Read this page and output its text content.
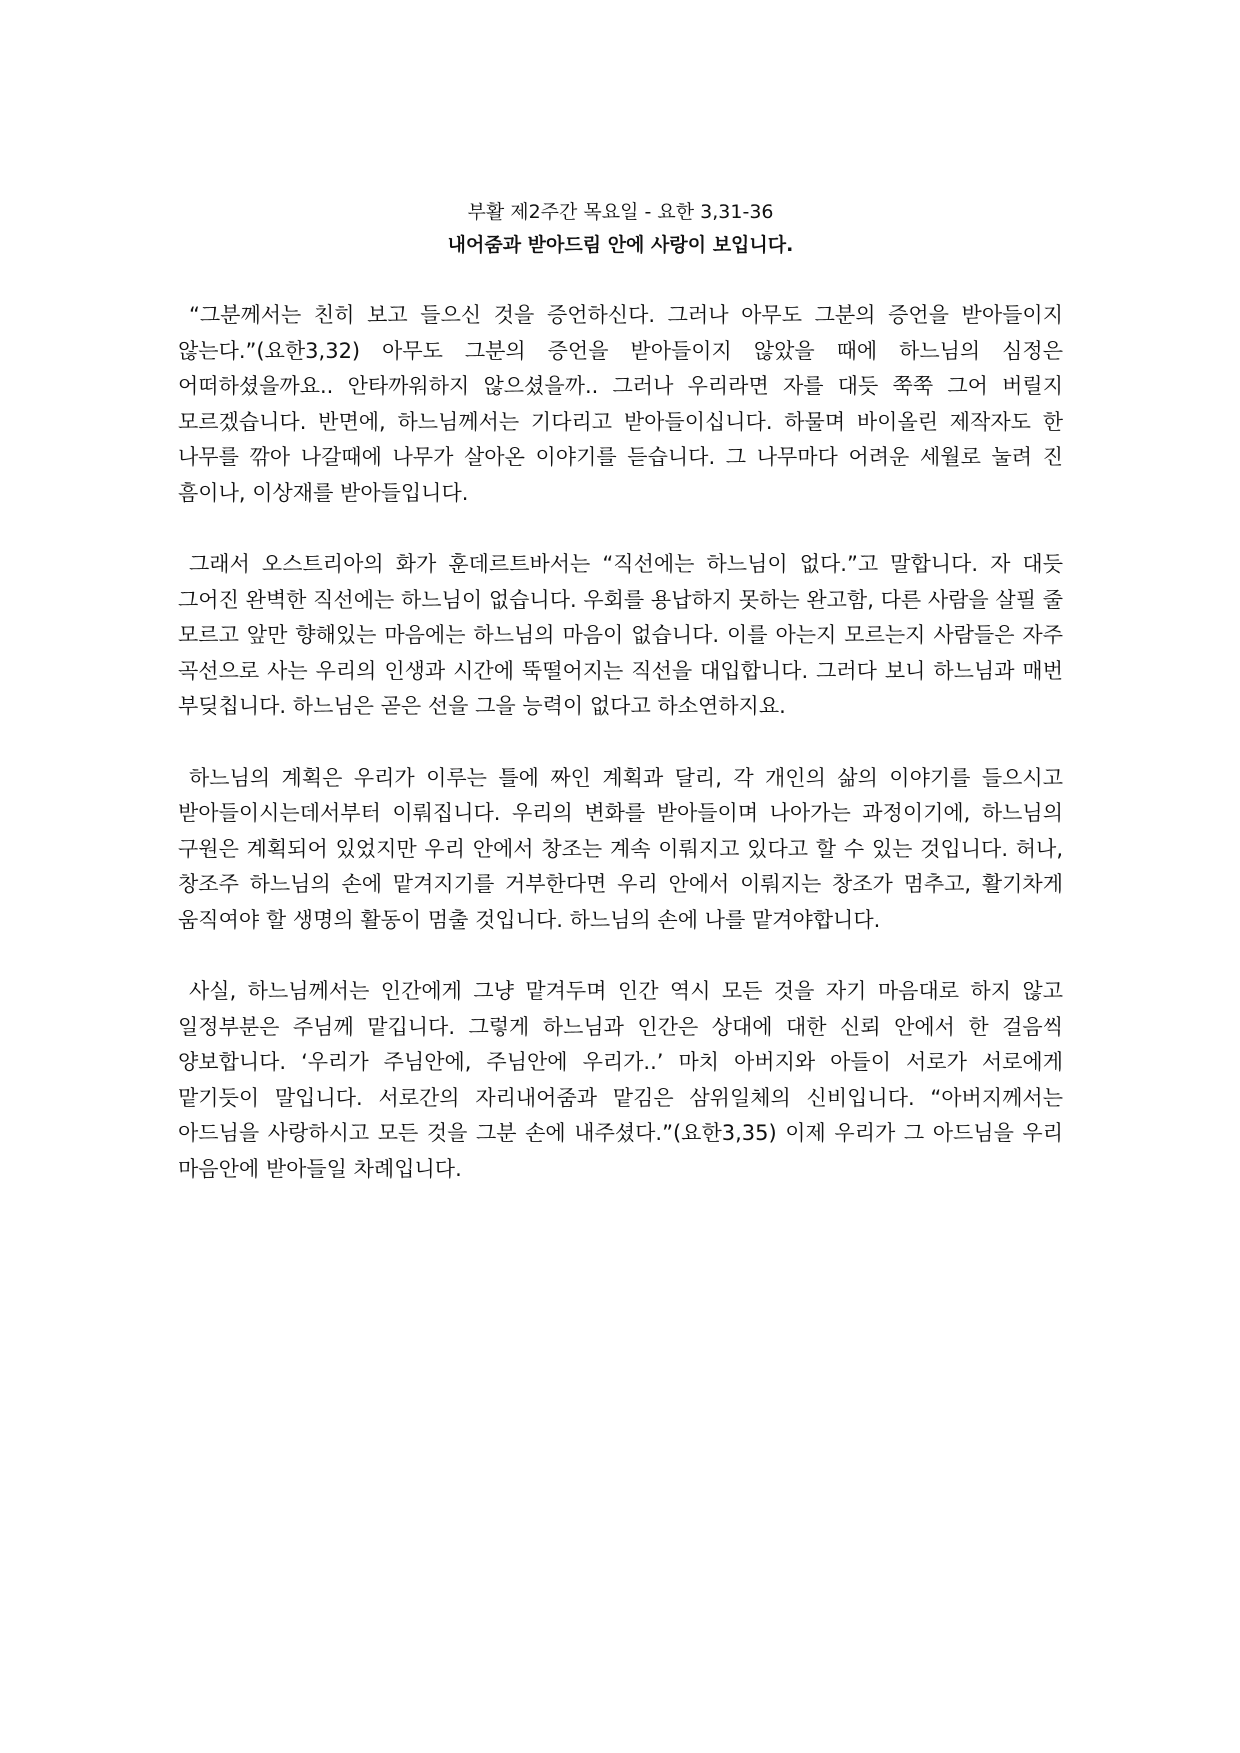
부활 제2주간 목요일 - 요한 3,31-36

내어줌과 받아드림 안에 사랑이 보입니다.

“그분께서는 친히 보고 들으신 것을 증언하신다. 그러나 아무도 그분의 증언을 받아들이지 않는다.”(요한3,32) 아무도 그분의 증언을 받아들이지 않았을 때에 하느님의 심정은 어떠하셨을까요.. 안타까워하지 않으셨을까.. 그러나 우리라면 자를 대듯 쭉쭉 그어 버릴지 모르겠습니다. 반면에, 하느님께서는 기다리고 받아들이십니다. 하물며 바이올린 제작자도 한 나무를 깎아 나갈때에 나무가 살아온 이야기를 듣습니다. 그 나무마다 어려운 세월로 눌려 진 흠이나, 이상재를 받아들입니다.

그래서 오스트리아의 화가 훈데르트바서는 “직선에는 하느님이 없다.”고 말합니다. 자 대듯 그어진 완벽한 직선에는 하느님이 없습니다. 우회를 용납하지 못하는 완고함, 다른 사람을 살필 줄 모르고 앞만 향해있는 마음에는 하느님의 마음이 없습니다. 이를 아는지 모르는지 사람들은 자주 곡선으로 사는 우리의 인생과 시간에 뚝떨어지는 직선을 대입합니다. 그러다 보니 하느님과 매번 부딪칩니다. 하느님은 곧은 선을 그을 능력이 없다고 하소연하지요.

하느님의 계획은 우리가 이루는 틀에 짜인 계획과 달리, 각 개인의 삶의 이야기를 들으시고 받아들이시는데서부터 이뤄집니다. 우리의 변화를 받아들이며 나아가는 과정이기에, 하느님의 구원은 계획되어 있었지만 우리 안에서 창조는 계속 이뤄지고 있다고 할 수 있는 것입니다. 허나, 창조주 하느님의 손에 맡겨지기를 거부한다면 우리 안에서 이뤄지는 창조가 멈추고, 활기차게 움직여야 할 생명의 활동이 멈출 것입니다. 하느님의 손에 나를 맡겨야합니다.

사실, 하느님께서는 인간에게 그냥 맡겨두며 인간 역시 모든 것을 자기 마음대로 하지 않고 일정부분은 주님께 맡깁니다. 그렇게 하느님과 인간은 상대에 대한 신뢰 안에서 한 걸음씩 양보합니다. ‘우리가 주님안에, 주님안에 우리가..’ 마치 아버지와 아들이 서로가 서로에게 맡기듯이 말입니다. 서로간의 자리내어줌과 맡김은 삼위일체의 신비입니다. “아버지께서는 아드님을 사랑하시고 모든 것을 그분 손에 내주셨다.”(요한3,35) 이제 우리가 그 아드님을 우리 마음안에 받아들일 차례입니다.
